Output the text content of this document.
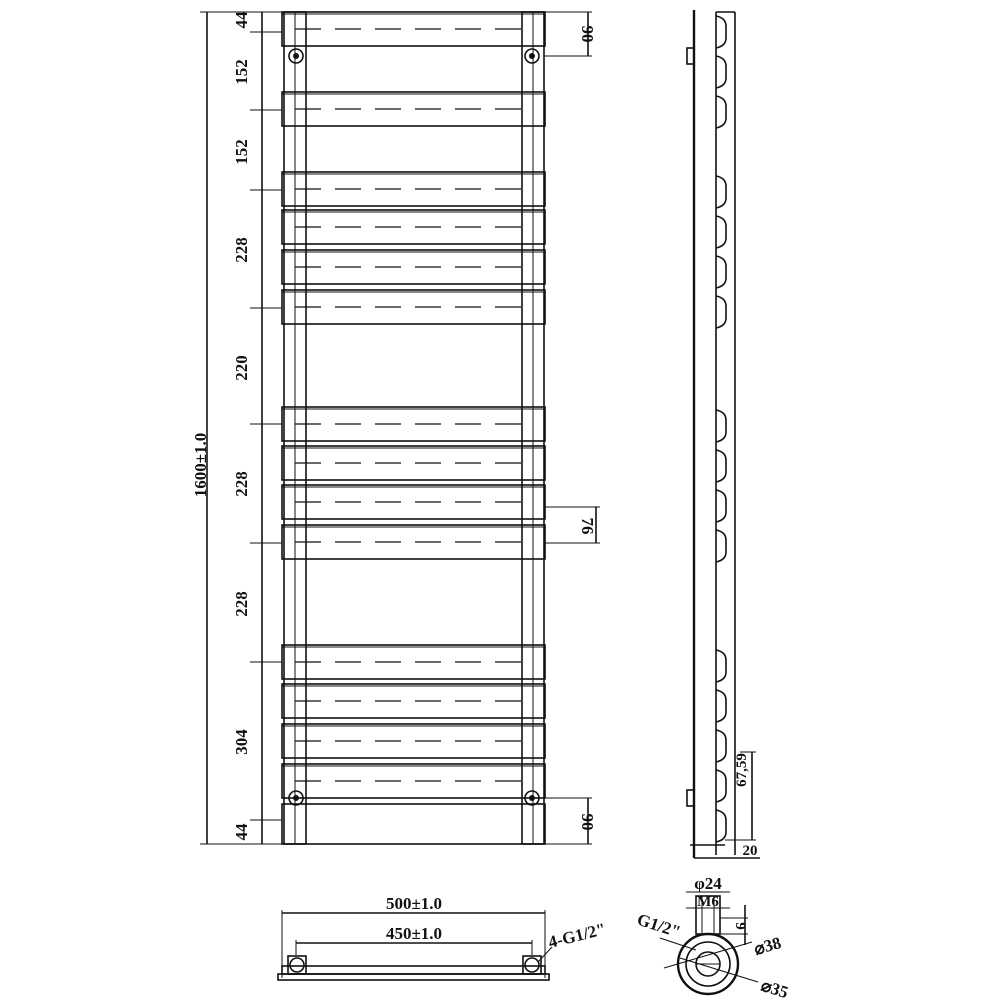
1600±1.0
44
152
152
228
220
228
228
304
44
90
76
90
67,59
20
500±1.0
450±1.0	4-G1/2"
φ24
M6
9
G1/2"
⌀38
⌀35
